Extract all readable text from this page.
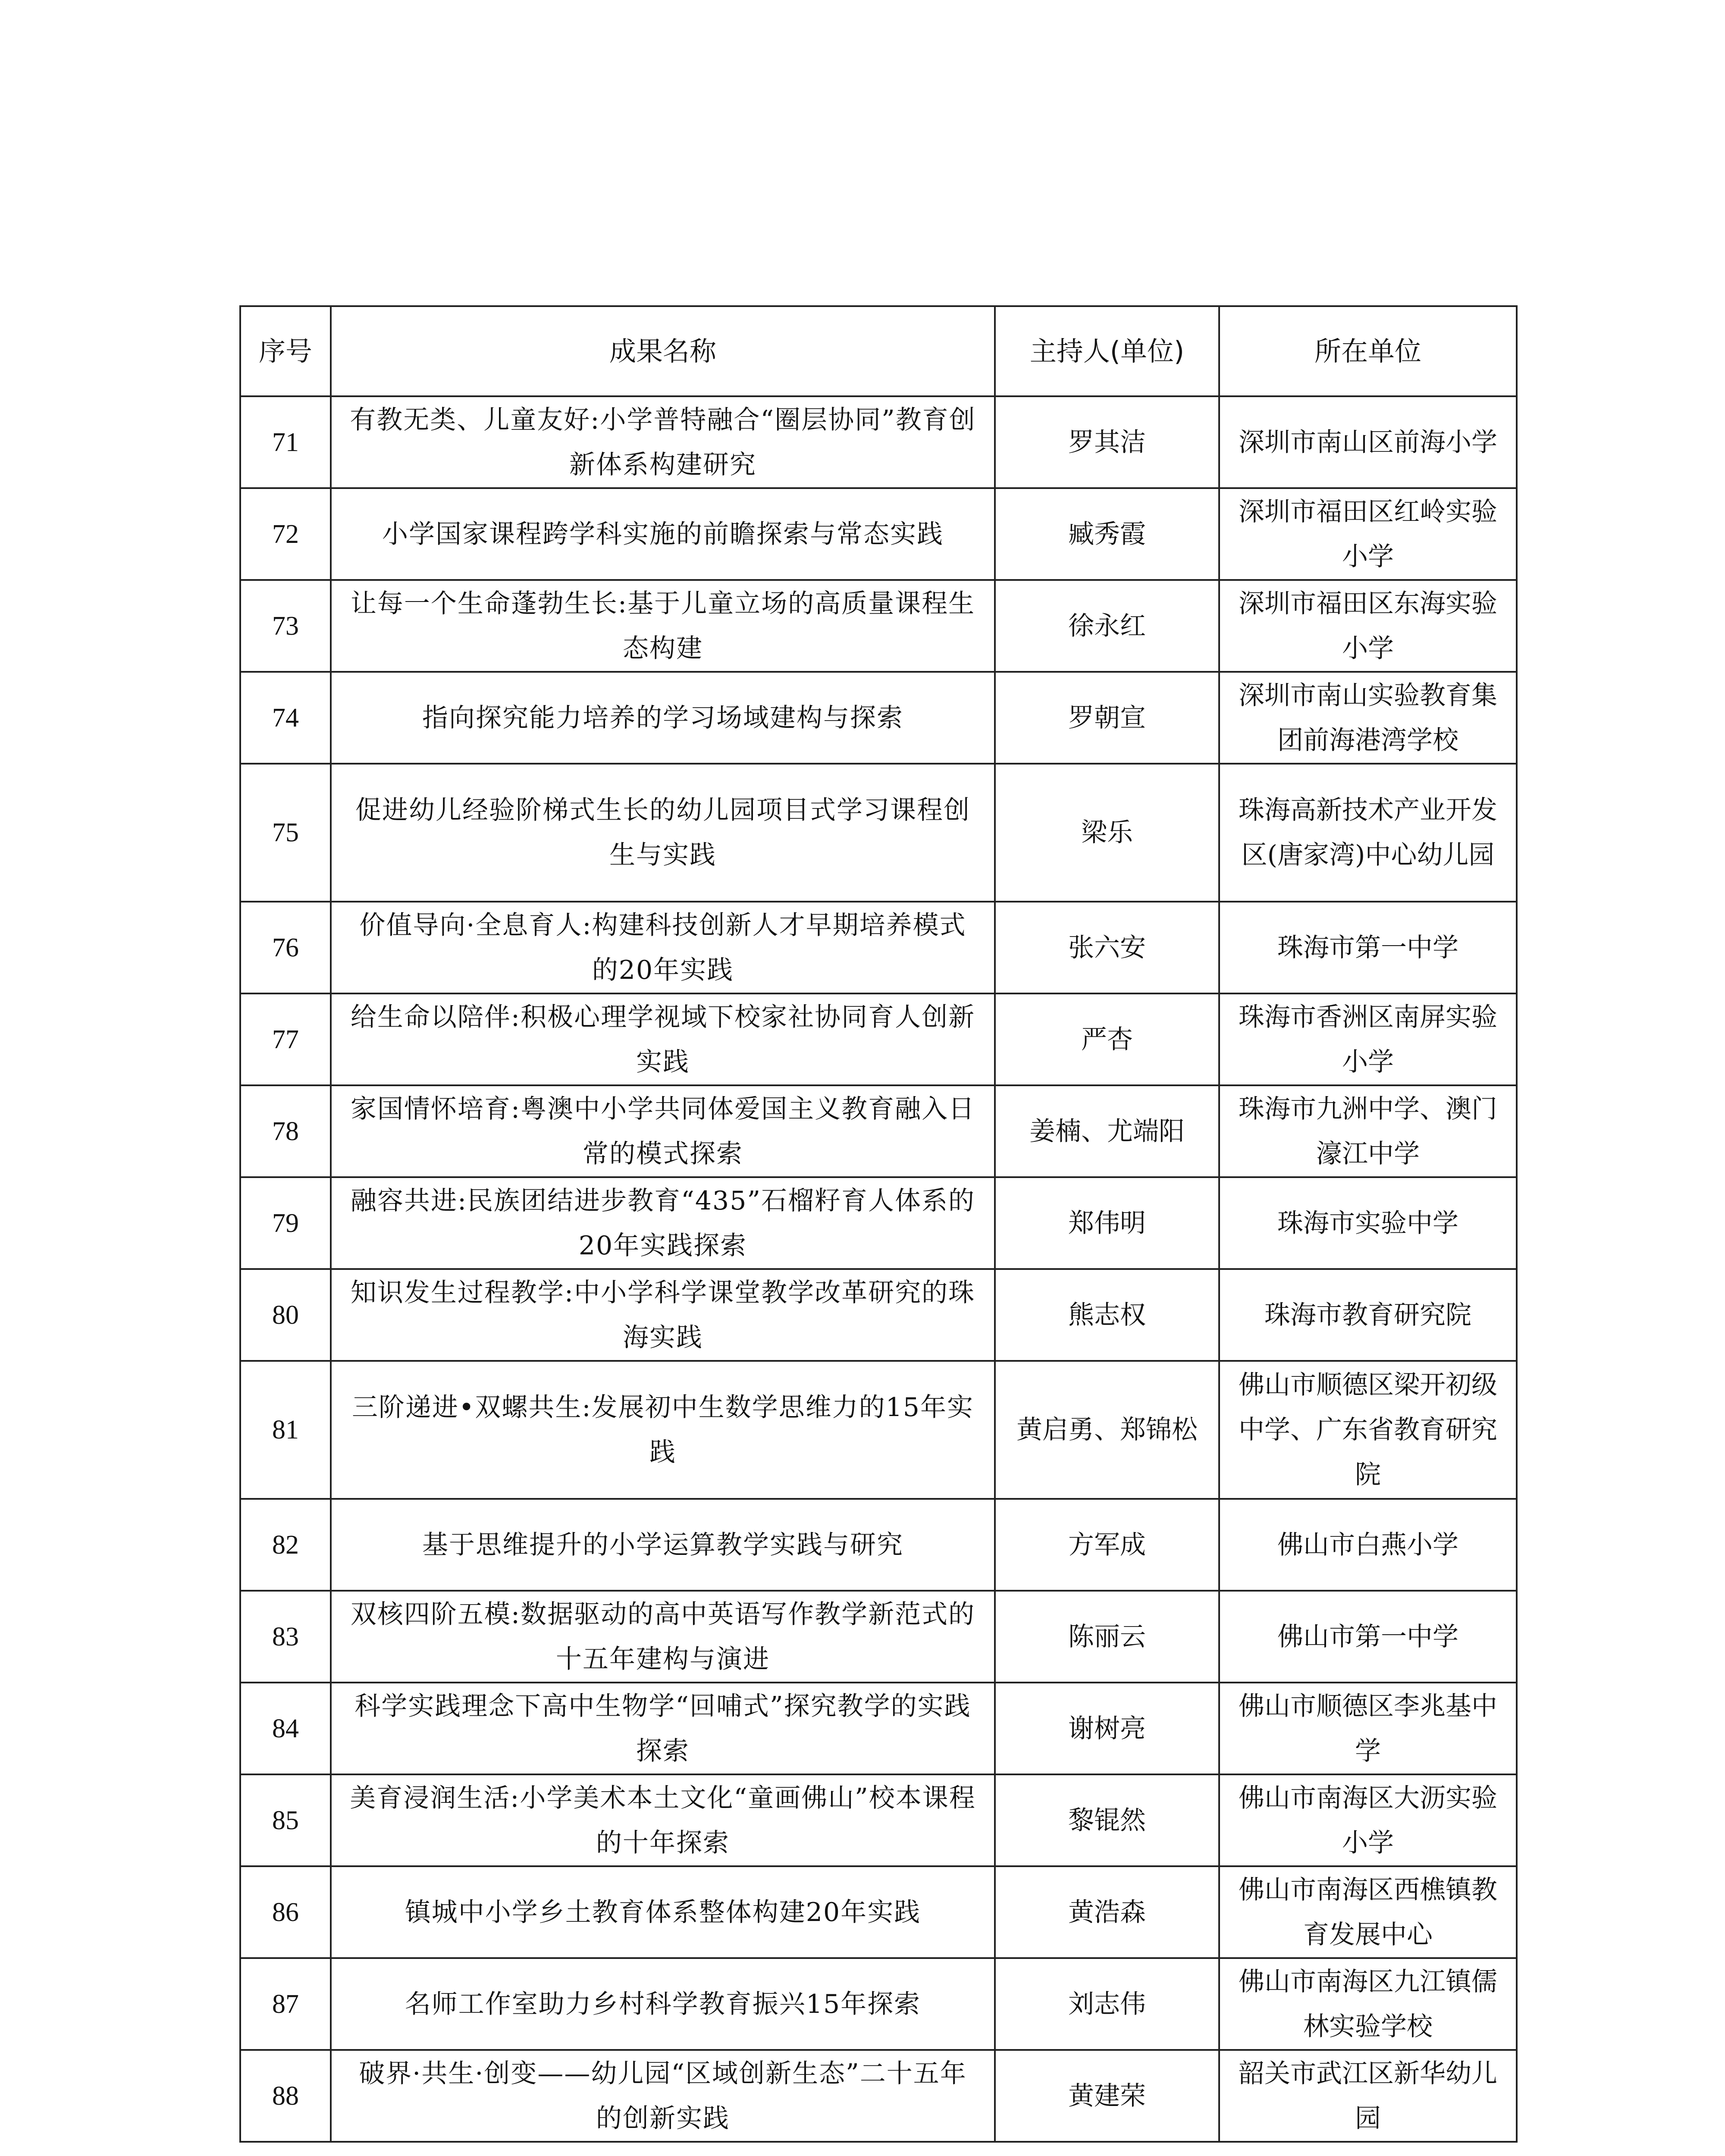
序号	成果名称	主持人(单位)	所在单位
71	有教无类、儿童友好:小学普特融合“圈层协同”教育创新体系构建研究	罗其洁	深圳市南山区前海小学
72	小学国家课程跨学科实施的前瞻探索与常态实践	臧秀霞	深圳市福田区红岭实验小学
73	让每一个生命蓬勃生长:基于儿童立场的高质量课程生态构建	徐永红	深圳市福田区东海实验小学
74	指向探究能力培养的学习场域建构与探索	罗朝宣	深圳市南山实验教育集团前海港湾学校
75	促进幼儿经验阶梯式生长的幼儿园项目式学习课程创生与实践	梁乐	珠海高新技术产业开发区(唐家湾)中心幼儿园
76	价值导向·全息育人:构建科技创新人才早期培养模式的20年实践	张六安	珠海市第一中学
77	给生命以陪伴:积极心理学视域下校家社协同育人创新实践	严杏	珠海市香洲区南屏实验小学
78	家国情怀培育:粤澳中小学共同体爱国主义教育融入日常的模式探索	姜楠、尤端阳	珠海市九洲中学、澳门濠江中学
79	融容共进:民族团结进步教育“435”石榴籽育人体系的20年实践探索	郑伟明	珠海市实验中学
80	知识发生过程教学:中小学科学课堂教学改革研究的珠海实践	熊志权	珠海市教育研究院
81	三阶递进•双螺共生:发展初中生数学思维力的15年实践	黄启勇、郑锦松	佛山市顺德区梁开初级中学、广东省教育研究院
82	基于思维提升的小学运算教学实践与研究	方军成	佛山市白燕小学
83	双核四阶五模:数据驱动的高中英语写作教学新范式的十五年建构与演进	陈丽云	佛山市第一中学
84	科学实践理念下高中生物学“回哺式”探究教学的实践探索	谢树亮	佛山市顺德区李兆基中学
85	美育浸润生活:小学美术本土文化“童画佛山”校本课程的十年探索	黎锟然	佛山市南海区大沥实验小学
86	镇城中小学乡土教育体系整体构建20年实践	黄浩森	佛山市南海区西樵镇教育发展中心
87	名师工作室助力乡村科学教育振兴15年探索	刘志伟	佛山市南海区九江镇儒林实验学校
88	破界·共生·创变——幼儿园“区域创新生态”二十五年的创新实践	黄建荣	韶关市武江区新华幼儿园
